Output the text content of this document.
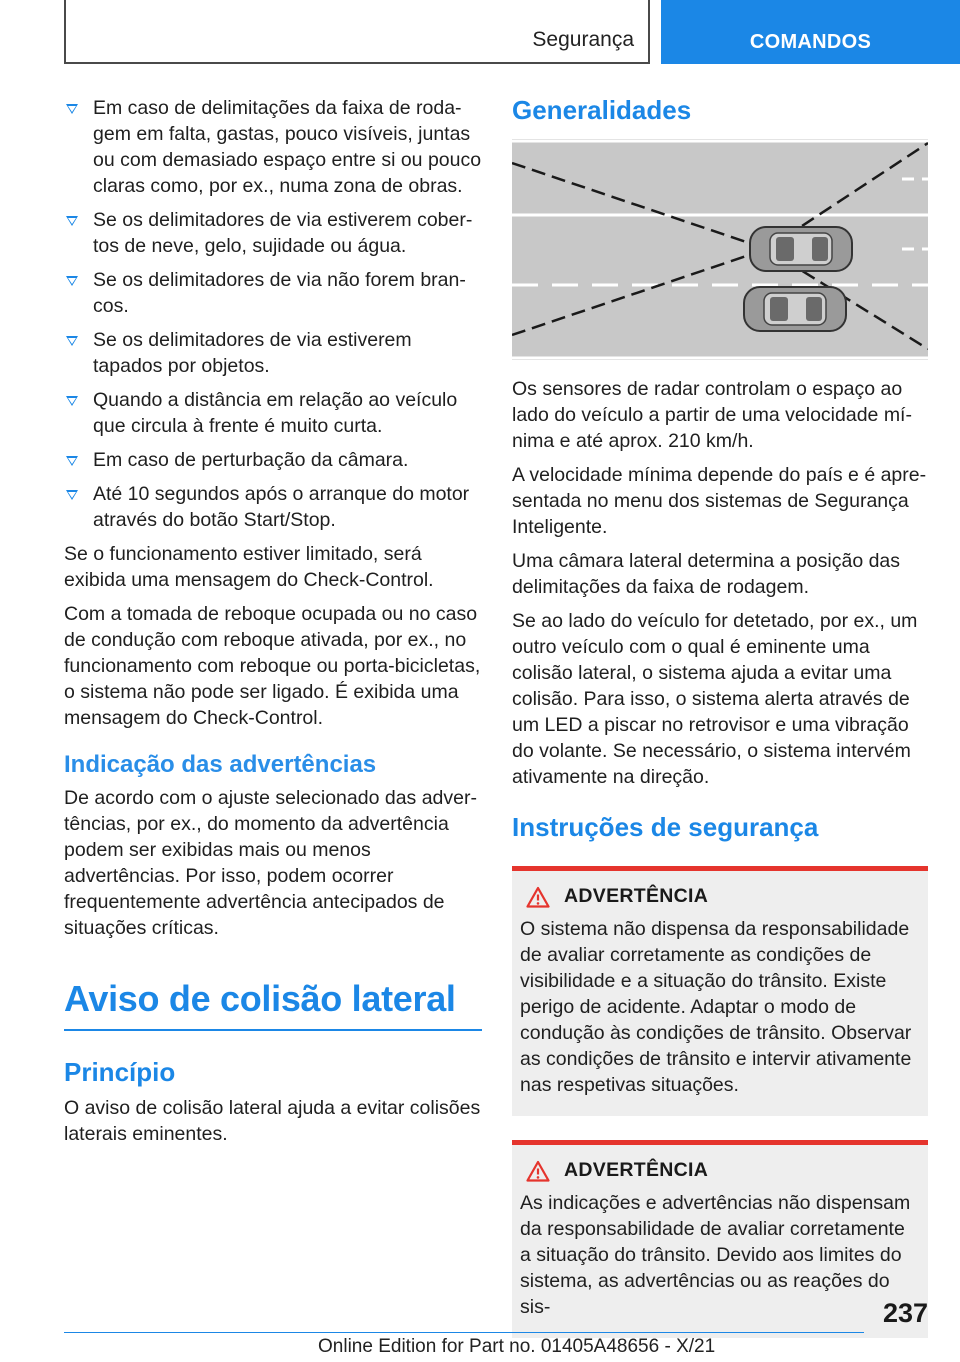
Segurança	COMANDOS
Em caso de delimitações da faixa de rodagem em falta, gastas, pouco visíveis, juntas ou com demasiado espaço entre si ou pouco claras como, por ex., numa zona de obras.
Se os delimitadores de via estiverem cobertos de neve, gelo, sujidade ou água.
Se os delimitadores de via não forem brancos.
Se os delimitadores de via estiverem tapados por objetos.
Quando a distância em relação ao veículo que circula à frente é muito curta.
Em caso de perturbação da câmara.
Até 10 segundos após o arranque do motor através do botão Start/Stop.

Se o funcionamento estiver limitado, será exibida uma mensagem do Check-Control.

Com a tomada de reboque ocupada ou no caso de condução com reboque ativada, por ex., no funcionamento com reboque ou porta-bicicletas, o sistema não pode ser ligado. É exibida uma mensagem do Check-Control.

Indicação das advertências

De acordo com o ajuste selecionado das advertências, por ex., do momento da advertência podem ser exibidas mais ou menos advertências. Por isso, podem ocorrer frequentemente advertência antecipados de situações críticas.

Aviso de colisão lateral
Princípio

O aviso de colisão lateral ajuda a evitar colisões laterais eminentes.

Generalidades

Os sensores de radar controlam o espaço ao lado do veículo a partir de uma velocidade mínima e até aprox. 210 km/h.

A velocidade mínima depende do país e é apresentada no menu dos sistemas de Segurança Inteligente.

Uma câmara lateral determina a posição das delimitações da faixa de rodagem.

Se ao lado do veículo for detetado, por ex., um outro veículo com o qual é eminente uma colisão lateral, o sistema ajuda a evitar uma colisão. Para isso, o sistema alerta através de um LED a piscar no retrovisor e uma vibração do volante. Se necessário, o sistema intervém ativamente na direção.

Instruções de segurança
ADVERTÊNCIA

O sistema não dispensa da responsabilidade de avaliar corretamente as condições de visibilidade e a situação do trânsito. Existe perigo de acidente. Adaptar o modo de condução às condições de trânsito. Observar as condições de trânsito e intervir ativamente nas respetivas situações.

ADVERTÊNCIA

As indicações e advertências não dispensam da responsabilidade de avaliar corretamente a situação do trânsito. Devido aos limites do sistema, as advertências ou as reações do sis-	237
Online Edition for Part no. 01405A48656 - X/21
